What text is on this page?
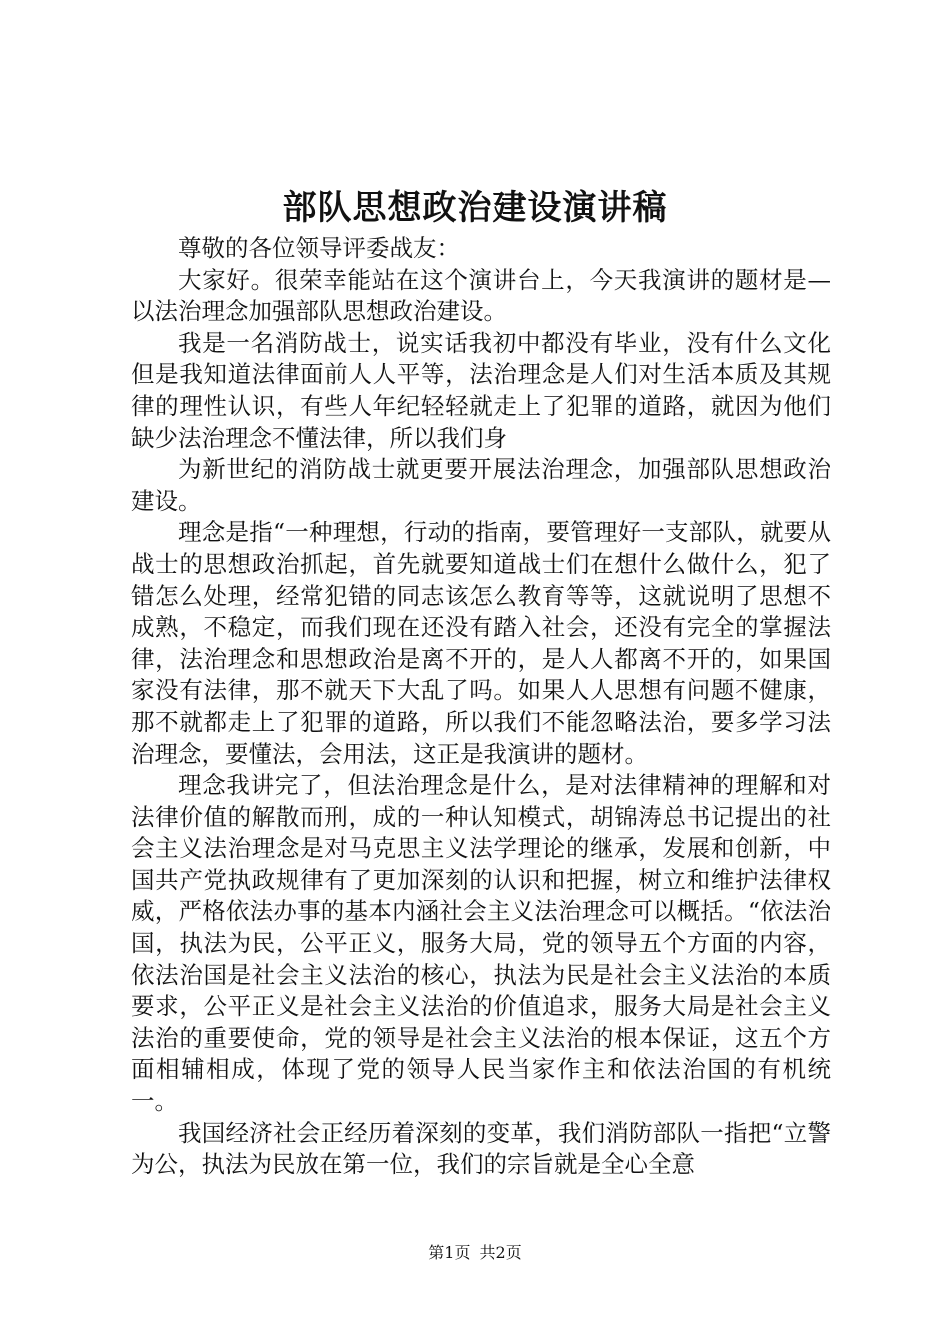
部队思想政治建设演讲稿

尊敬的各位领导评委战友：

大家好。很荣幸能站在这个演讲台上，今天我演讲的题材是—以法治理念加强部队思想政治建设。

我是一名消防战士，说实话我初中都没有毕业，没有什么文化但是我知道法律面前人人平等，法治理念是人们对生活本质及其规律的理性认识，有些人年纪轻轻就走上了犯罪的道路，就因为他们缺少法治理念不懂法律，所以我们身

为新世纪的消防战士就更要开展法治理念，加强部队思想政治建设。

理念是指“一种理想，行动的指南，要管理好一支部队，就要从战士的思想政治抓起，首先就要知道战士们在想什么做什么，犯了错怎么处理，经常犯错的同志该怎么教育等等，这就说明了思想不成熟，不稳定，而我们现在还没有踏入社会，还没有完全的掌握法律，法治理念和思想政治是离不开的，是人人都离不开的，如果国家没有法律，那不就天下大乱了吗。如果人人思想有问题不健康，那不就都走上了犯罪的道路，所以我们不能忽略法治，要多学习法治理念，要懂法，会用法，这正是我演讲的题材。

理念我讲完了，但法治理念是什么，是对法律精神的理解和对法律价值的解散而刑，成的一种认知模式，胡锦涛总书记提出的社会主义法治理念是对马克思主义法学理论的继承，发展和创新，中国共产党执政规律有了更加深刻的认识和把握，树立和维护法律权威，严格依法办事的基本内涵社会主义法治理念可以概括。“依法治国，执法为民，公平正义，服务大局，党的领导五个方面的内容，依法治国是社会主义法治的核心，执法为民是社会主义法治的本质要求，公平正义是社会主义法治的价值追求，服务大局是社会主义法治的重要使命，党的领导是社会主义法治的根本保证，这五个方面相辅相成，体现了党的领导人民当家作主和依法治国的有机统一。

我国经济社会正经历着深刻的变革，我们消防部队一指把“立警为公，执法为民放在第一位，我们的宗旨就是全心全意

第1页 共2页
